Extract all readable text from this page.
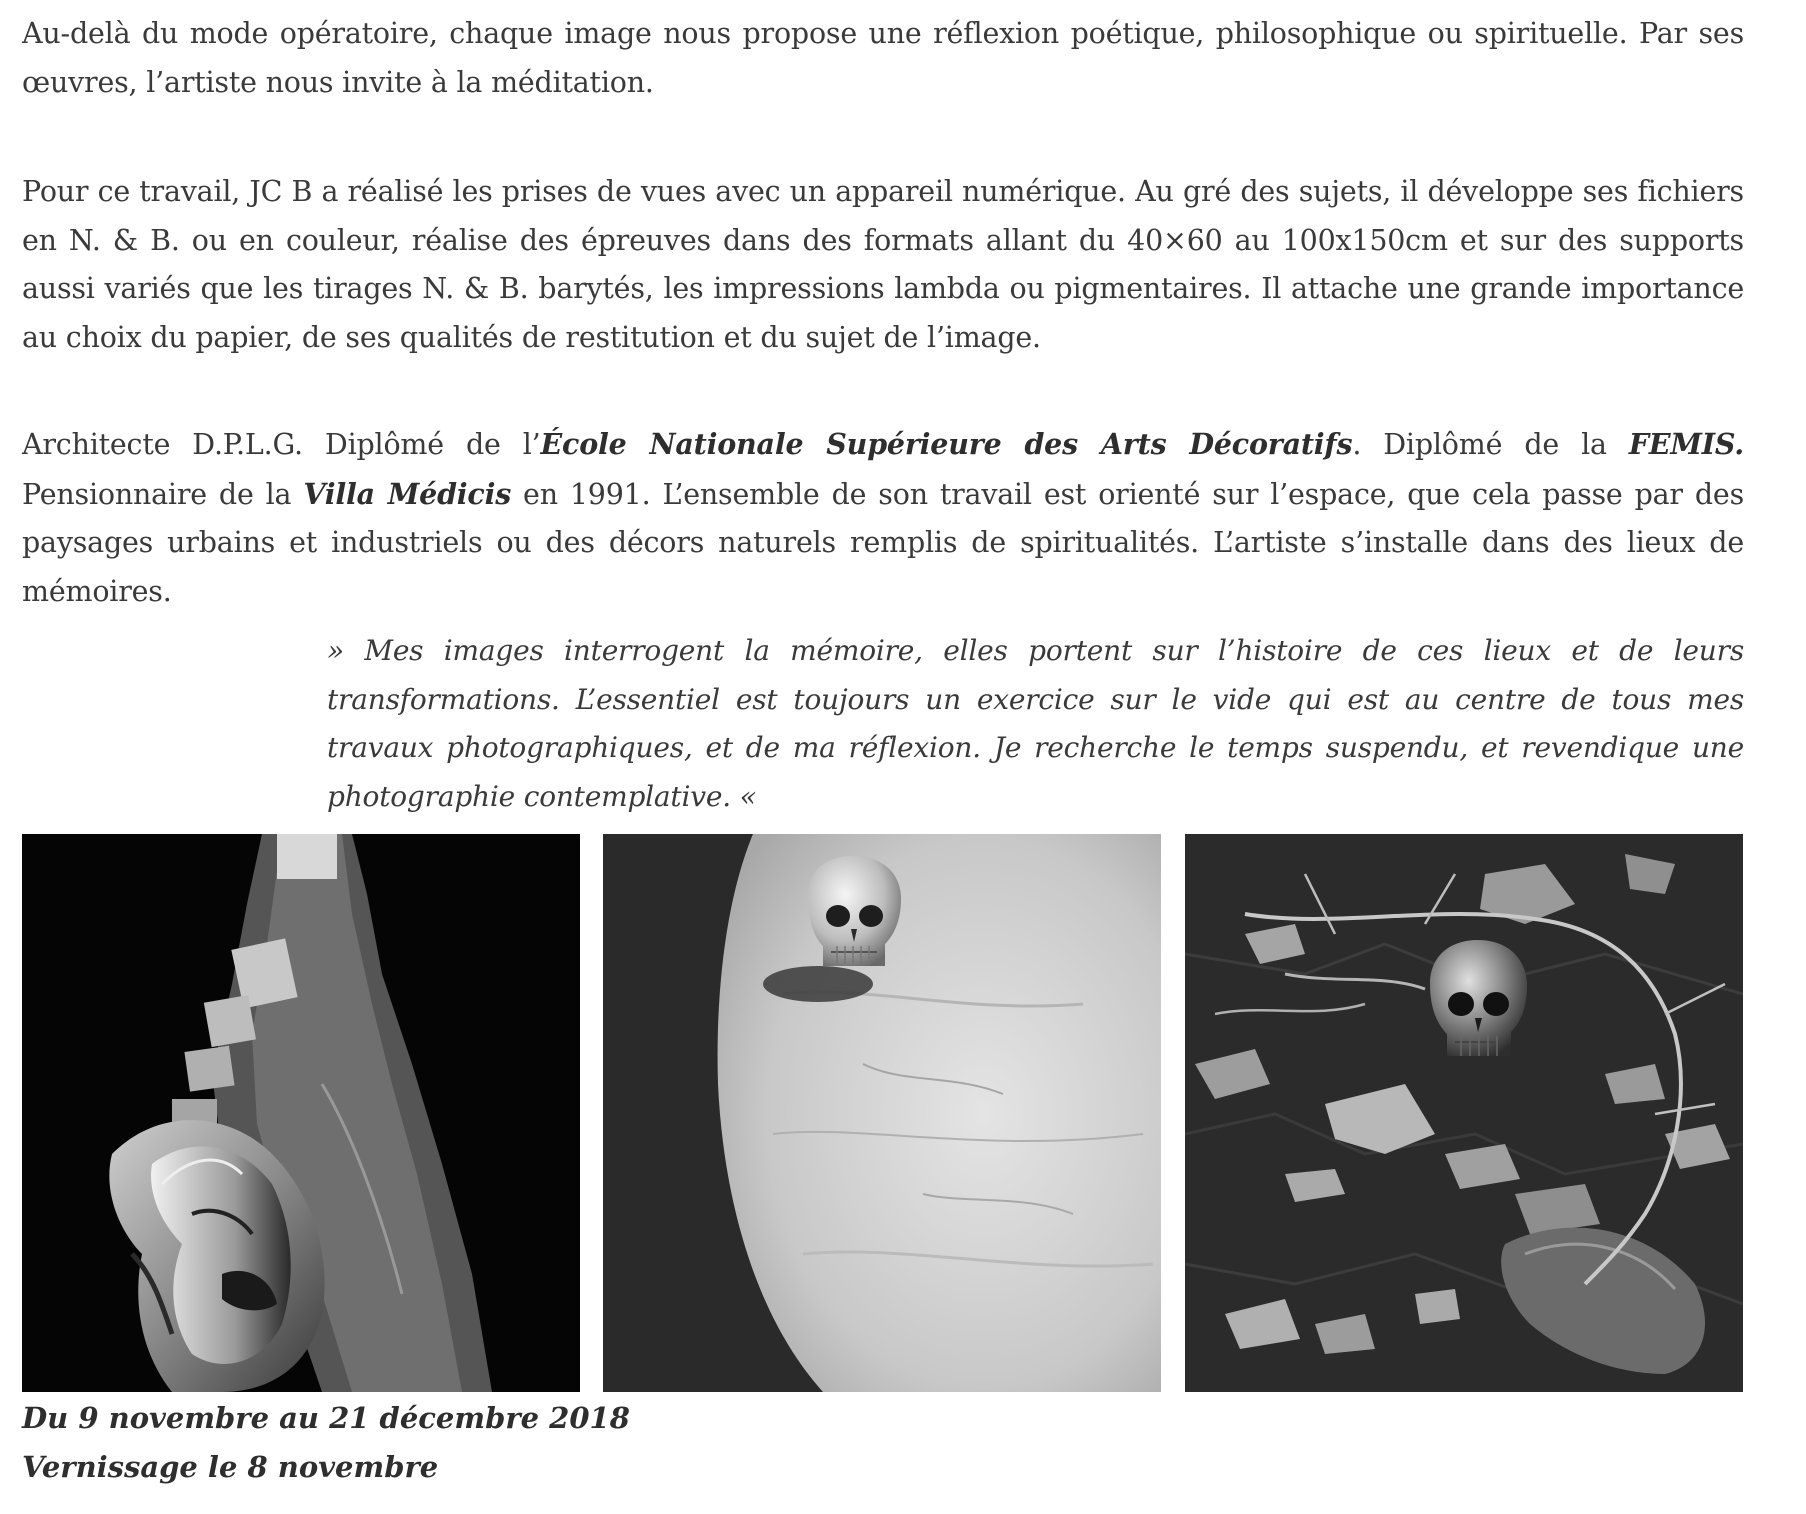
Au-delà du mode opératoire, chaque image nous propose une réflexion poétique, philosophique ou spirituelle. Par ses œuvres, l’artiste nous invite à la méditation.

Pour ce travail, JC B a réalisé les prises de vues avec un appareil numérique. Au gré des sujets, il développe ses fichiers en N. & B. ou en couleur, réalise des épreuves dans des formats allant du 40×60 au 100x150cm et sur des supports aussi variés que les tirages N. & B. barytés, les impressions lambda ou pigmentaires. Il attache une grande importance au choix du papier, de ses qualités de restitution et du sujet de l’image.

Architecte D.P.L.G. Diplômé de l’École Nationale Supérieure des Arts Décoratifs. Diplômé de la FEMIS. Pensionnaire de la Villa Médicis en 1991. L’ensemble de son travail est orienté sur l’espace, que cela passe par des paysages urbains et industriels ou des décors naturels remplis de spiritualités. L’artiste s’installe dans des lieux de mémoires.

» Mes images interrogent la mémoire, elles portent sur l’histoire de ces lieux et de leurs transformations. L’essentiel est toujours un exercice sur le vide qui est au centre de tous mes travaux photographiques, et de ma réflexion. Je recherche le temps suspendu, et revendique une photographie contemplative. «

Du 9 novembre au 21 décembre 2018
Vernissage le 8 novembre
